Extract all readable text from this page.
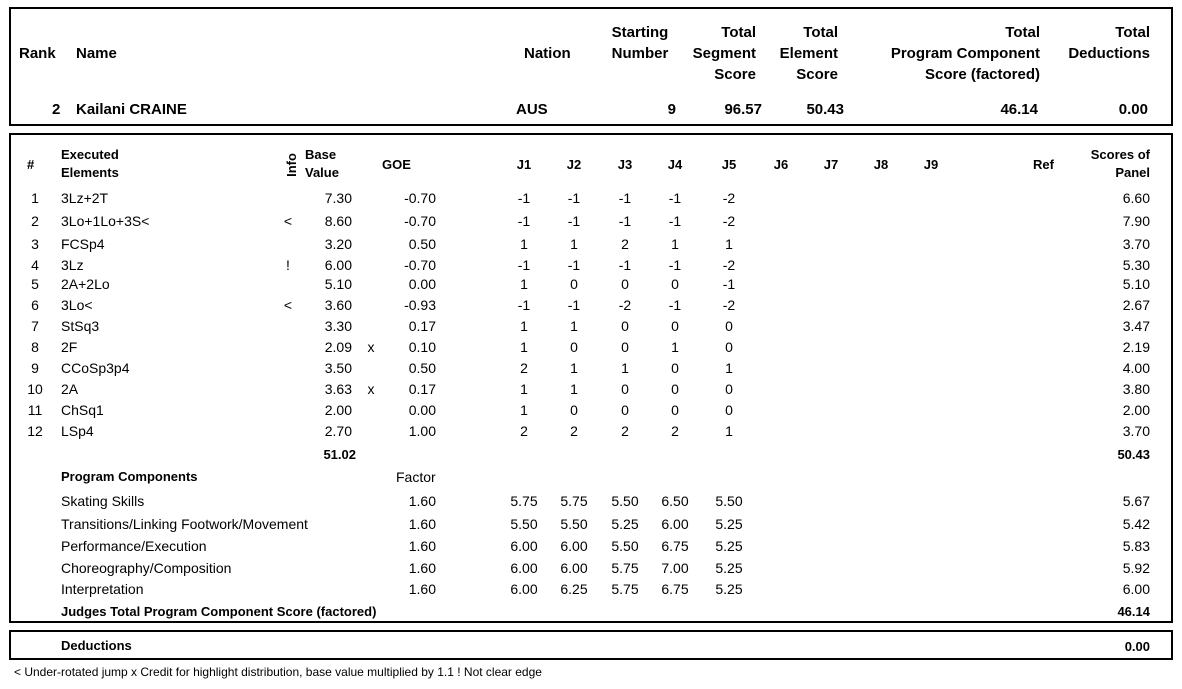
Rank Name	Nation
Starting
Number
Total
Segment
Score
Total
Element
Score
Total
Program Component
Score (factored)
Total
Deductions
2 Kailani CRAINE	AUS	9	96.57	50.43	46.14	0.00
#
Executed
Elements	Info Base
Value
GOE	J1	J2	J3	J4	J5	J6	J7	J8	J9	Ref
Scores of
Panel
1	3Lz+2T	7.30	-0.70	-1	-1	-1	-1	-2	6.60
2	3Lo+1Lo+3S<	<	8.60	-0.70	-1	-1	-1	-1	-2	7.90
3	FCSp4	3.20	0.50	1	1	2	1	1	3.70
4	3Lz	!	6.00	-0.70	-1	-1	-1	-1	-2	5.30
5	2A+2Lo	5.10	0.00	1	0	0	0	-1	5.10
6	3Lo<	<	3.60	-0.93	-1	-1	-2	-1	-2	2.67
7	StSq3	3.30	0.17	1	1	0	0	0	3.47
8	2F	2.09 x	0.10	1	0	0	1	0	2.19
9	CCoSp3p4	3.50	0.50	2	1	1	0	1	4.00
10	2A	3.63 x	0.17	1	1	0	0	0	3.80
11	ChSq1	2.00	0.00	1	0	0	0	0	2.00
12	LSp4	2.70	1.00	2	2	2	2	1	3.70
51.02	50.43
Program Components	Factor
Skating Skills	1.60	5.75	5.75	5.50	6.50	5.50	5.67
Transitions/Linking Footwork/Movement	1.60	5.50	5.50	5.25	6.00	5.25	5.42
Performance/Execution	1.60	6.00	6.00	5.50	6.75	5.25	5.83
Choreography/Composition	1.60	6.00	6.00	5.75	7.00	5.25	5.92
Interpretation	1.60	6.00	6.25	5.75	6.75	5.25	6.00
Judges Total Program Component Score (factored)	46.14
Deductions	0.00
< Under-rotated jump x Credit for highlight distribution, base value multiplied by 1.1 ! Not clear edge
